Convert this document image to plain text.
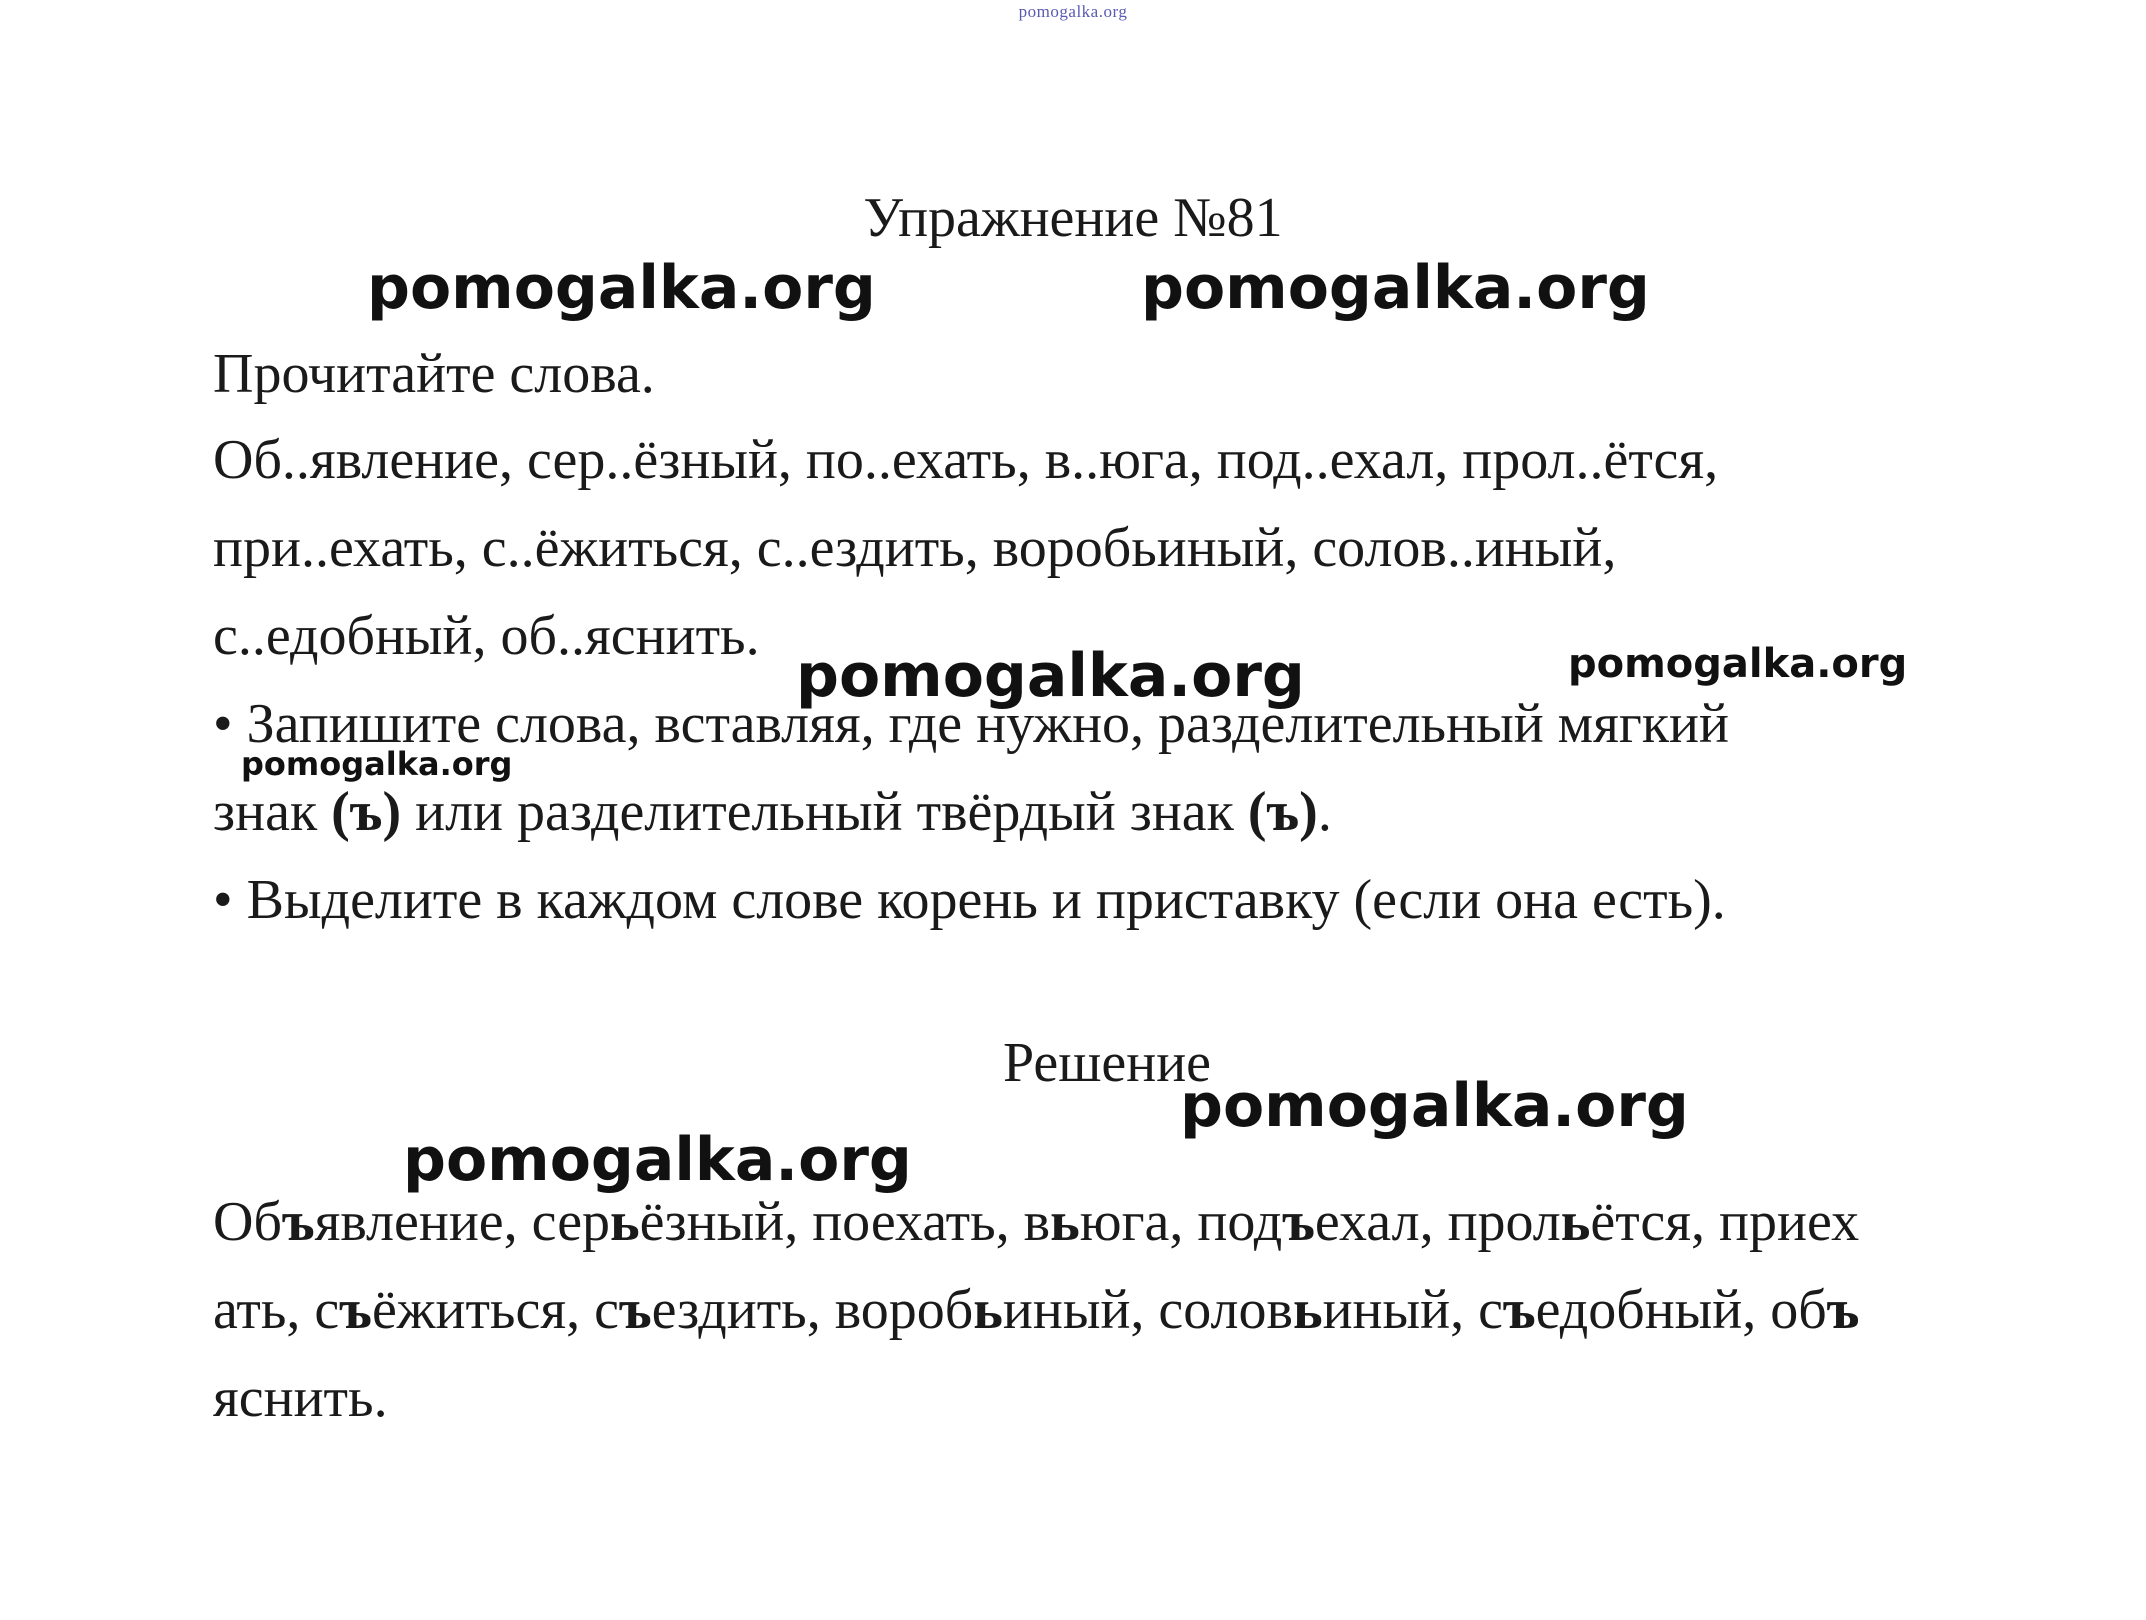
pomogalka.org
Упражнение №81
Прочитайте слова.
Об..явление, сер..ёзный, по..ехать, в..юга, под..ехал, прол..ётся,
при..ехать, с..ёжиться, с..ездить, воробьиный, солов..иный,
с..едобный, об..яснить.
• Запишите слова, вставляя, где нужно, разделительный мягкий
знак (ъ) или разделительный твёрдый знак (ъ).
• Выделите в каждом слове корень и приставку (если она есть).
Решение
Объявление, серьёзный, поехать, вьюга, подъехал, прольётся, приех
ать, съёжиться, съездить, воробьиный, соловьиный, съедобный, объ
яснить.
pomogalka.org	pomogalka.org
pomogalka.org	pomogalka.org
pomogalka.org
pomogalka.org
pomogalka.org
